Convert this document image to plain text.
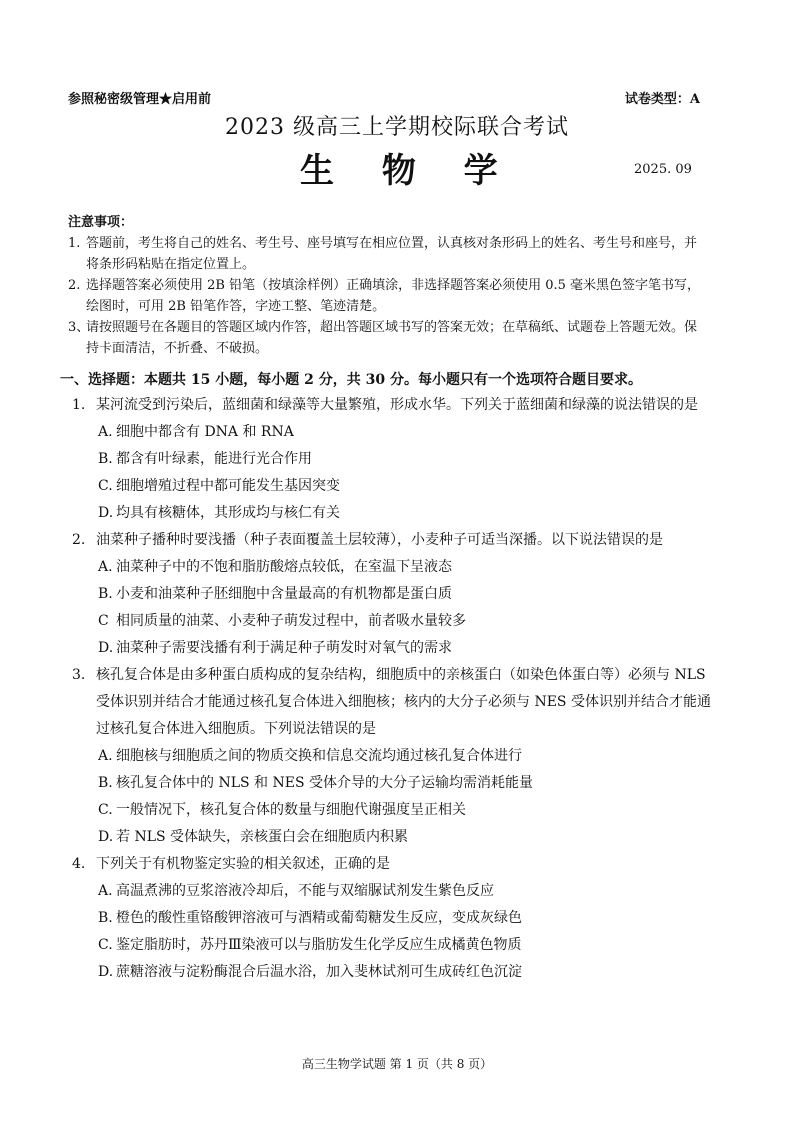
参照秘密级管理★启用前	试卷类型：A
2023 级高三上学期校际联合考试
生 物 学	2025. 09
注意事项：
1. 答题前，考生将自己的姓名、考生号、座号填写在相应位置，认真核对条形码上的姓名、考生号和座号，并将条形码粘贴在指定位置上。
2. 选择题答案必须使用 2B 铅笔（按填涂样例）正确填涂，非选择题答案必须使用 0.5 毫米黑色签字笔书写，绘图时，可用 2B 铅笔作答，字迹工整、笔迹清楚。
3、
请按照题号在各题目的答题区域内作答，超出答题区域书写的答案无效；在草稿纸、试题卷上答题无效。保持卡面清洁，不折叠、不破损。
一、选择题：本题共 15 小题，每小题 2 分，共 30 分。每小题只有一个选项符合题目要求。
1. 某河流受到污染后，蓝细菌和绿藻等大量繁殖，形成水华。下列关于蓝细菌和绿藻的说法错误的是
A. 细胞中都含有 DNA 和 RNA
B. 都含有叶绿素，能进行光合作用
C. 细胞增殖过程中都可能发生基因突变
D. 均具有核糖体，其形成均与核仁有关
2. 油菜种子播种时要浅播（种子表面覆盖土层较薄），小麦种子可适当深播。以下说法错误的是
A. 油菜种子中的不饱和脂肪酸熔点较低，在室温下呈液态
B. 小麦和油菜种子胚细胞中含量最高的有机物都是蛋白质
C 相同质量的油菜、小麦种子萌发过程中，前者吸水量较多
D. 油菜种子需要浅播有利于满足种子萌发时对氧气的需求
3. 核孔复合体是由多种蛋白质构成的复杂结构，细胞质中的亲核蛋白（如染色体蛋白等）必须与 NLS 受体识别并结合才能通过核孔复合体进入细胞核；核内的大分子必须与 NES 受体识别并结合才能通过核孔复合体进入细胞质。下列说法错误的是
A. 细胞核与细胞质之间的物质交换和信息交流均通过核孔复合体进行
B. 核孔复合体中的 NLS 和 NES 受体介导的大分子运输均需消耗能量
C. 一般情况下，核孔复合体的数量与细胞代谢强度呈正相关
D. 若 NLS 受体缺失，亲核蛋白会在细胞质内积累
4. 下列关于有机物鉴定实验的相关叙述，正确的是
A. 高温煮沸的豆浆溶液冷却后，不能与双缩脲试剂发生紫色反应
B. 橙色的酸性重铬酸钾溶液可与酒精或葡萄糖发生反应，变成灰绿色
C. 鉴定脂肪时，苏丹Ⅲ染液可以与脂肪发生化学反应生成橘黄色物质
D. 蔗糖溶液与淀粉酶混合后温水浴，加入斐林试剂可生成砖红色沉淀
高三生物学试题 第 1 页（共 8 页）
